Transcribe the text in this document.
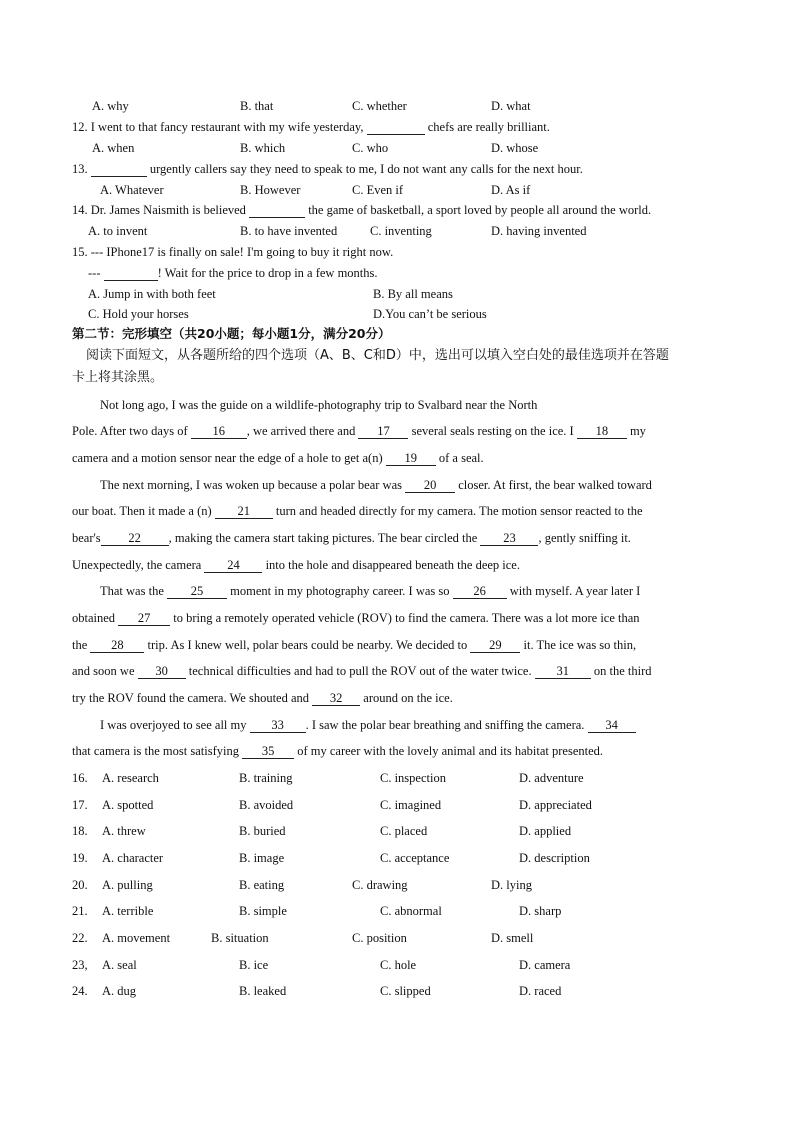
A. why	B. that	C. whether	D. what
12. I went to that fancy restaurant with my wife yesterday,	chefs are really brilliant.
A. when	B. which	C. who	D. whose
13.	urgently callers say they need to speak to me, I do not want any calls for the next hour.
A. Whatever	B. However	C. Even if	D. As if
14. Dr. James Naismith is believed	the game of basketball, a sport loved by people all around the world.
A. to invent	B. to have invented	C. inventing	D. having invented
15. --- IPhone17 is finally on sale! I'm going to buy it right now.
---	! Wait for the price to drop in a few months.
A. Jump in with both feet	B. By all means
C. Hold your horses	D.You can’t be serious
第二节：完形填空（共20小题；每小题1分，满分20分）
阅读下面短文，从各题所给的四个选项（A、B、C和D）中，选出可以填入空白处的最佳选项并在答题
卡上将其涂黑。
Not long ago, I was the guide on a wildlife-photography trip to Svalbard near the North
Pole. After two days of 16 , we arrived there and 17 several seals resting on the ice. I 18 my
camera and a motion sensor near the edge of a hole to get a(n) 19 of a seal.
The next morning, I was woken up because a polar bear was 20 closer. At first, the bear walked toward
our boat. Then it made a (n) 21 turn and headed directly for my camera. The motion sensor reacted to the
bear's 22 , making the camera start taking pictures. The bear circled the 23 , gently sniffing it.
Unexpectedly, the camera 24 into the hole and disappeared beneath the deep ice.
That was the 25 moment in my photography career. I was so 26 with myself. A year later I
obtained 27 to bring a remotely operated vehicle (ROV) to find the camera. There was a lot more ice than
the 28 trip. As I knew well, polar bears could be nearby. We decided to 29 it. The ice was so thin,
and soon we 30 technical difficulties and had to pull the ROV out of the water twice. 31 on the third
try the ROV found the camera. We shouted and 32 around on the ice.
I was overjoyed to see all my 33 . I saw the polar bear breathing and sniffing the camera. 34
that camera is the most satisfying 35 of my career with the lovely animal and its habitat presented.
16. A. research	B. training	C. inspection	D. adventure
17. A. spotted	B. avoided	C. imagined	D. appreciated
18. A. threw	B. buried	C. placed	D. applied
19. A. character	B. image	C. acceptance	D. description
20. A. pulling	B. eating	C. drawing	D. lying
21. A. terrible	B. simple	C. abnormal	D. sharp
22. A. movement	B. situation	C. position	D. smell
23, A. seal	B. ice	C. hole	D. camera
24. A. dug	B. leaked	C. slipped	D. raced
